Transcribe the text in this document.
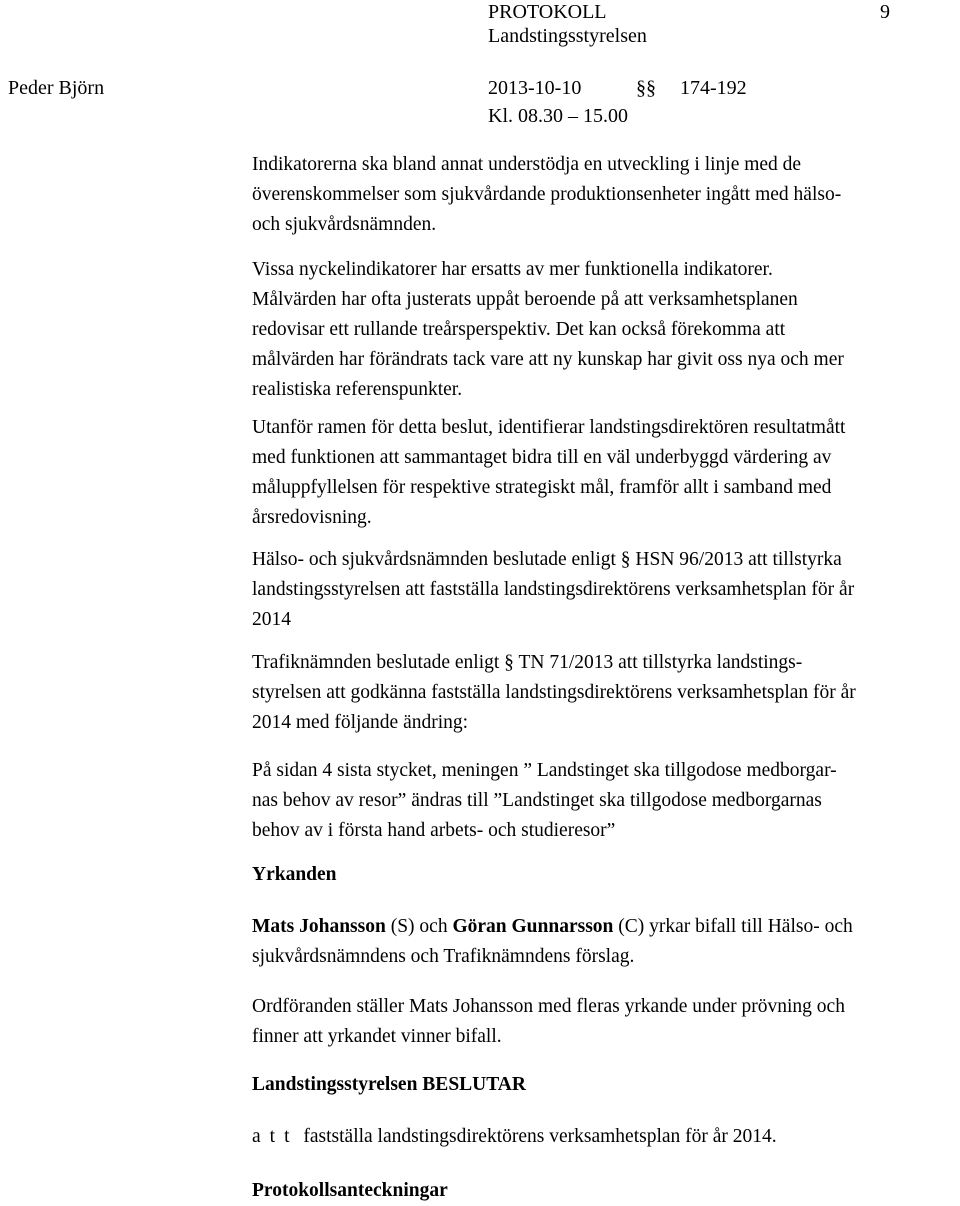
PROTOKOLL	9
Landstingsstyrelsen
Peder Björn	2013-10-10	§§ 174-192
Kl. 08.30 – 15.00
Indikatorerna ska bland annat understödja en utveckling i linje med de
överenskommelser som sjukvårdande produktionsenheter ingått med hälso-
och sjukvårdsnämnden.
Vissa nyckelindikatorer har ersatts av mer funktionella indikatorer.
Målvärden har ofta justerats uppåt beroende på att verksamhetsplanen
redovisar ett rullande treårsperspektiv. Det kan också förekomma att
målvärden har förändrats tack vare att ny kunskap har givit oss nya och mer
realistiska referenspunkter.
Utanför ramen för detta beslut, identifierar landstingsdirektören resultatmått
med funktionen att sammantaget bidra till en väl underbyggd värdering av
måluppfyllelsen för respektive strategiskt mål, framför allt i samband med
årsredovisning.
Hälso- och sjukvårdsnämnden beslutade enligt § HSN 96/2013 att tillstyrka
landstingsstyrelsen att fastställa landstingsdirektörens verksamhetsplan för år
2014
Trafiknämnden beslutade enligt § TN 71/2013 att tillstyrka landstings-
styrelsen att godkänna fastställa landstingsdirektörens verksamhetsplan för år
2014 med följande ändring:
På sidan 4 sista stycket, meningen ” Landstinget ska tillgodose medborgar-
nas behov av resor” ändras till ”Landstinget ska tillgodose medborgarnas
behov av i första hand arbets- och studieresor”
Yrkanden
Mats Johansson (S) och Göran Gunnarsson (C) yrkar bifall till Hälso- och
sjukvårdsnämndens och Trafiknämndens förslag.
Ordföranden ställer Mats Johansson med fleras yrkande under prövning och
finner att yrkandet vinner bifall.
Landstingsstyrelsen BESLUTAR
att fastställa landstingsdirektörens verksamhetsplan för år 2014.
Protokollsanteckningar
